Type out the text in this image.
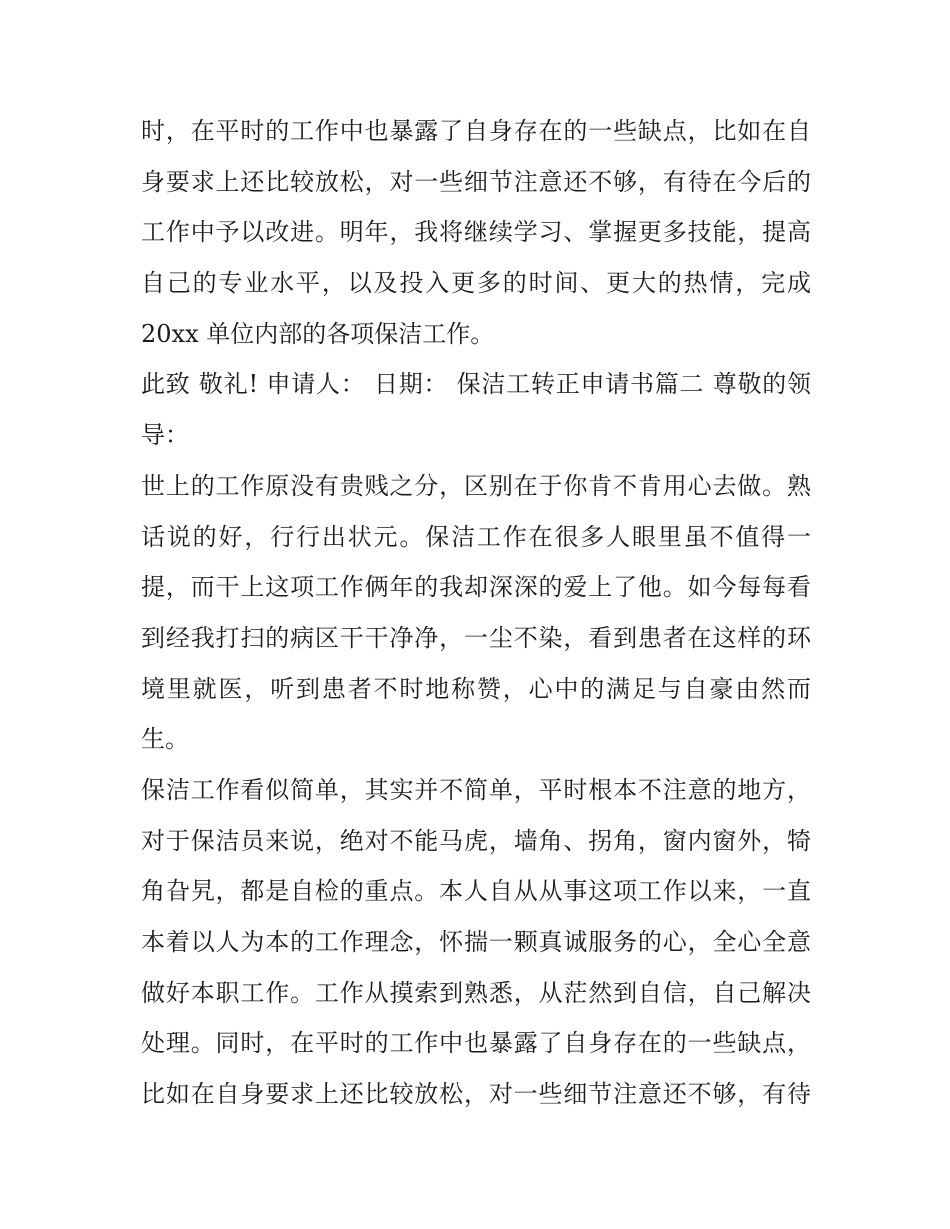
时，在平时的工作中也暴露了自身存在的一些缺点，比如在自
身要求上还比较放松，对一些细节注意还不够，有待在今后的
工作中予以改进。明年，我将继续学习、掌握更多技能，提高
自己的专业水平，以及投入更多的时间、更大的热情，完成
20xx 单位内部的各项保洁工作。
此致 敬礼! 申请人： 日期： 保洁工转正申请书篇二 尊敬的领
导：
世上的工作原没有贵贱之分，区别在于你肯不肯用心去做。熟
话说的好，行行出状元。保洁工作在很多人眼里虽不值得一
提，而干上这项工作俩年的我却深深的爱上了他。如今每每看
到经我打扫的病区干干净净，一尘不染，看到患者在这样的环
境里就医，听到患者不时地称赞，心中的满足与自豪由然而
生。
保洁工作看似简单，其实并不简单，平时根本不注意的地方，
对于保洁员来说，绝对不能马虎，墙角、拐角，窗内窗外，犄
角旮旯，都是自检的重点。本人自从从事这项工作以来，一直
本着以人为本的工作理念，怀揣一颗真诚服务的心，全心全意
做好本职工作。工作从摸索到熟悉，从茫然到自信，自己解决
处理。同时，在平时的工作中也暴露了自身存在的一些缺点，
比如在自身要求上还比较放松，对一些细节注意还不够，有待
